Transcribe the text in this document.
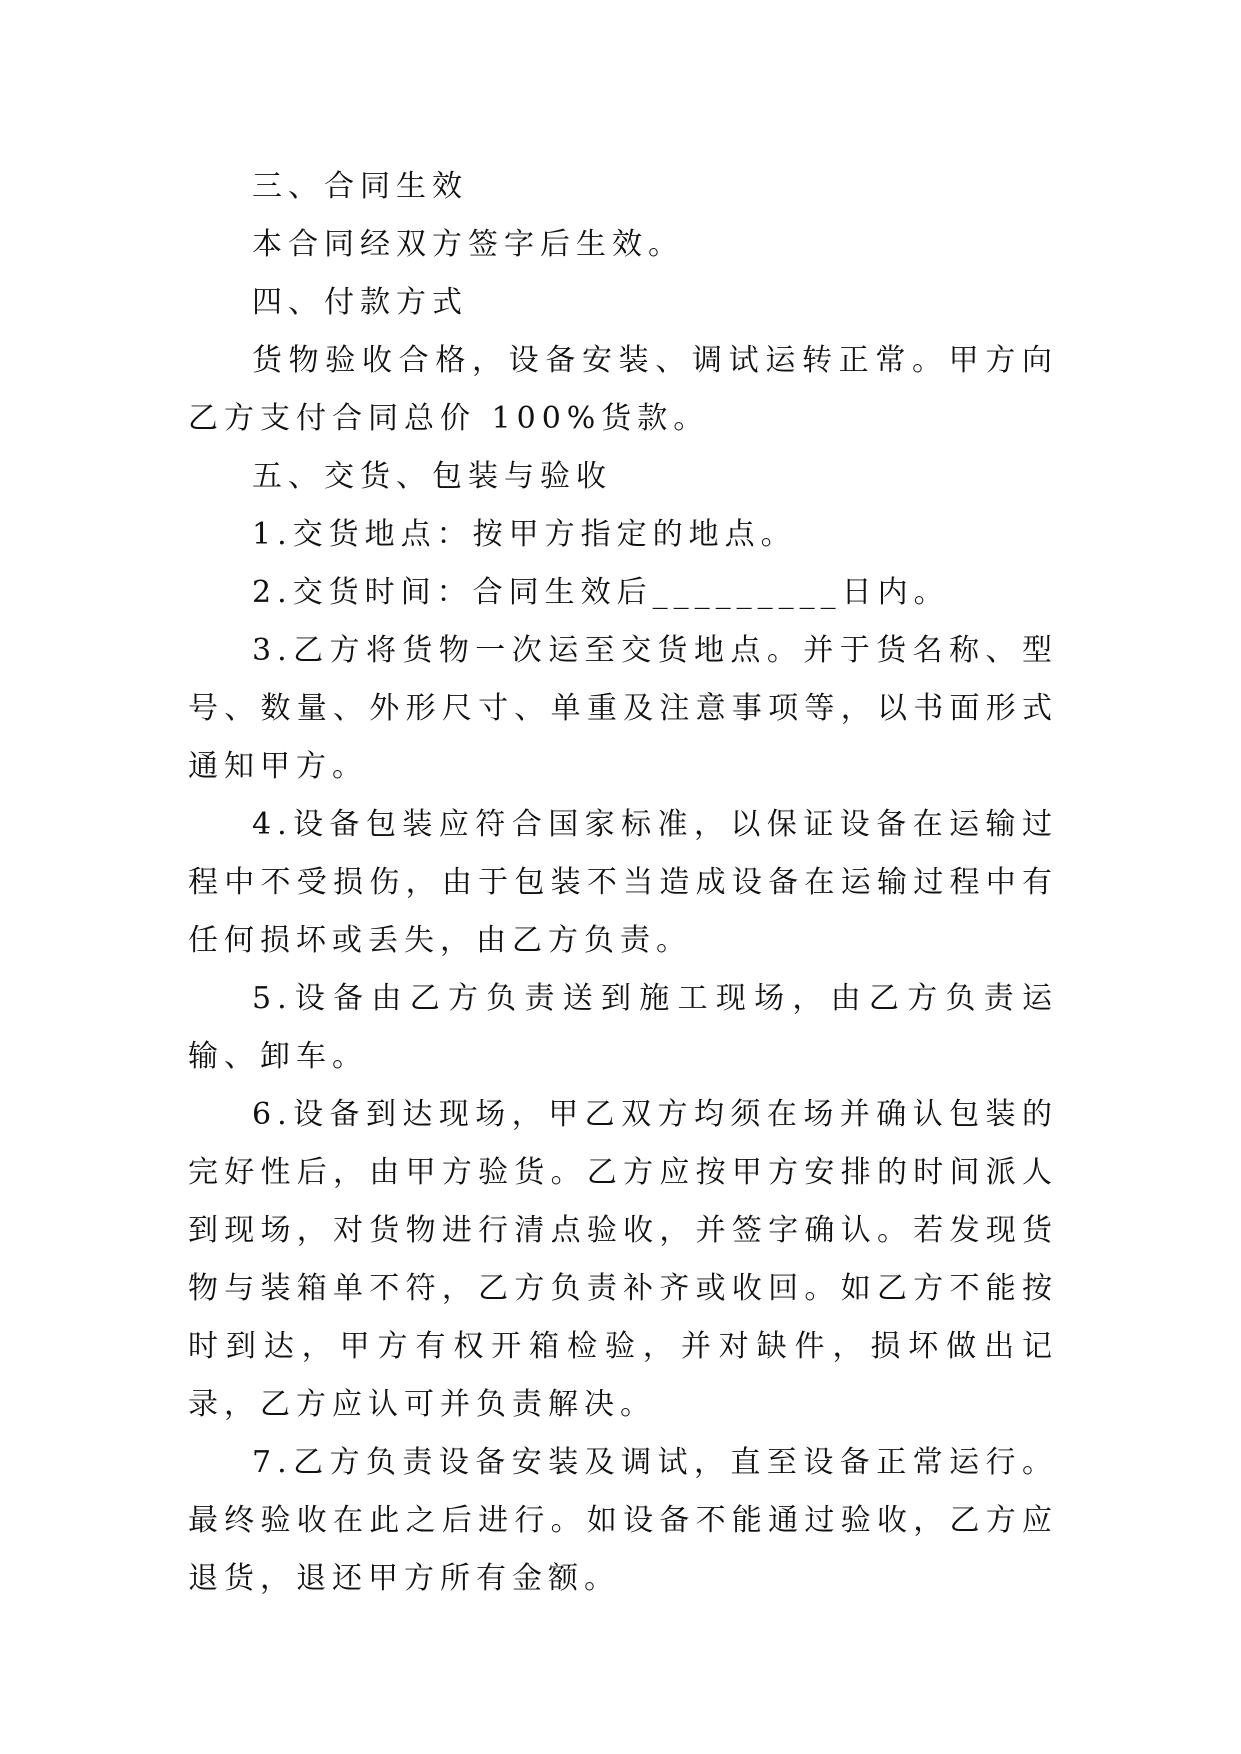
三、合同生效

本合同经双方签字后生效。

四、付款方式

货物验收合格，设备安装、调试运转正常。甲方向乙方支付合同总价 100%货款。

五、交货、包装与验收

1.交货地点：按甲方指定的地点。

2.交货时间：合同生效后_________日内。

3.乙方将货物一次运至交货地点。并于货名称、型号、数量、外形尺寸、单重及注意事项等，以书面形式通知甲方。

4.设备包装应符合国家标准，以保证设备在运输过程中不受损伤，由于包装不当造成设备在运输过程中有任何损坏或丢失，由乙方负责。

5.设备由乙方负责送到施工现场，由乙方负责运输、卸车。

6.设备到达现场，甲乙双方均须在场并确认包装的完好性后，由甲方验货。乙方应按甲方安排的时间派人到现场，对货物进行清点验收，并签字确认。若发现货物与装箱单不符，乙方负责补齐或收回。如乙方不能按时到达，甲方有权开箱检验，并对缺件，损坏做出记录，乙方应认可并负责解决。

7.乙方负责设备安装及调试，直至设备正常运行。最终验收在此之后进行。如设备不能通过验收，乙方应退货，退还甲方所有金额。
